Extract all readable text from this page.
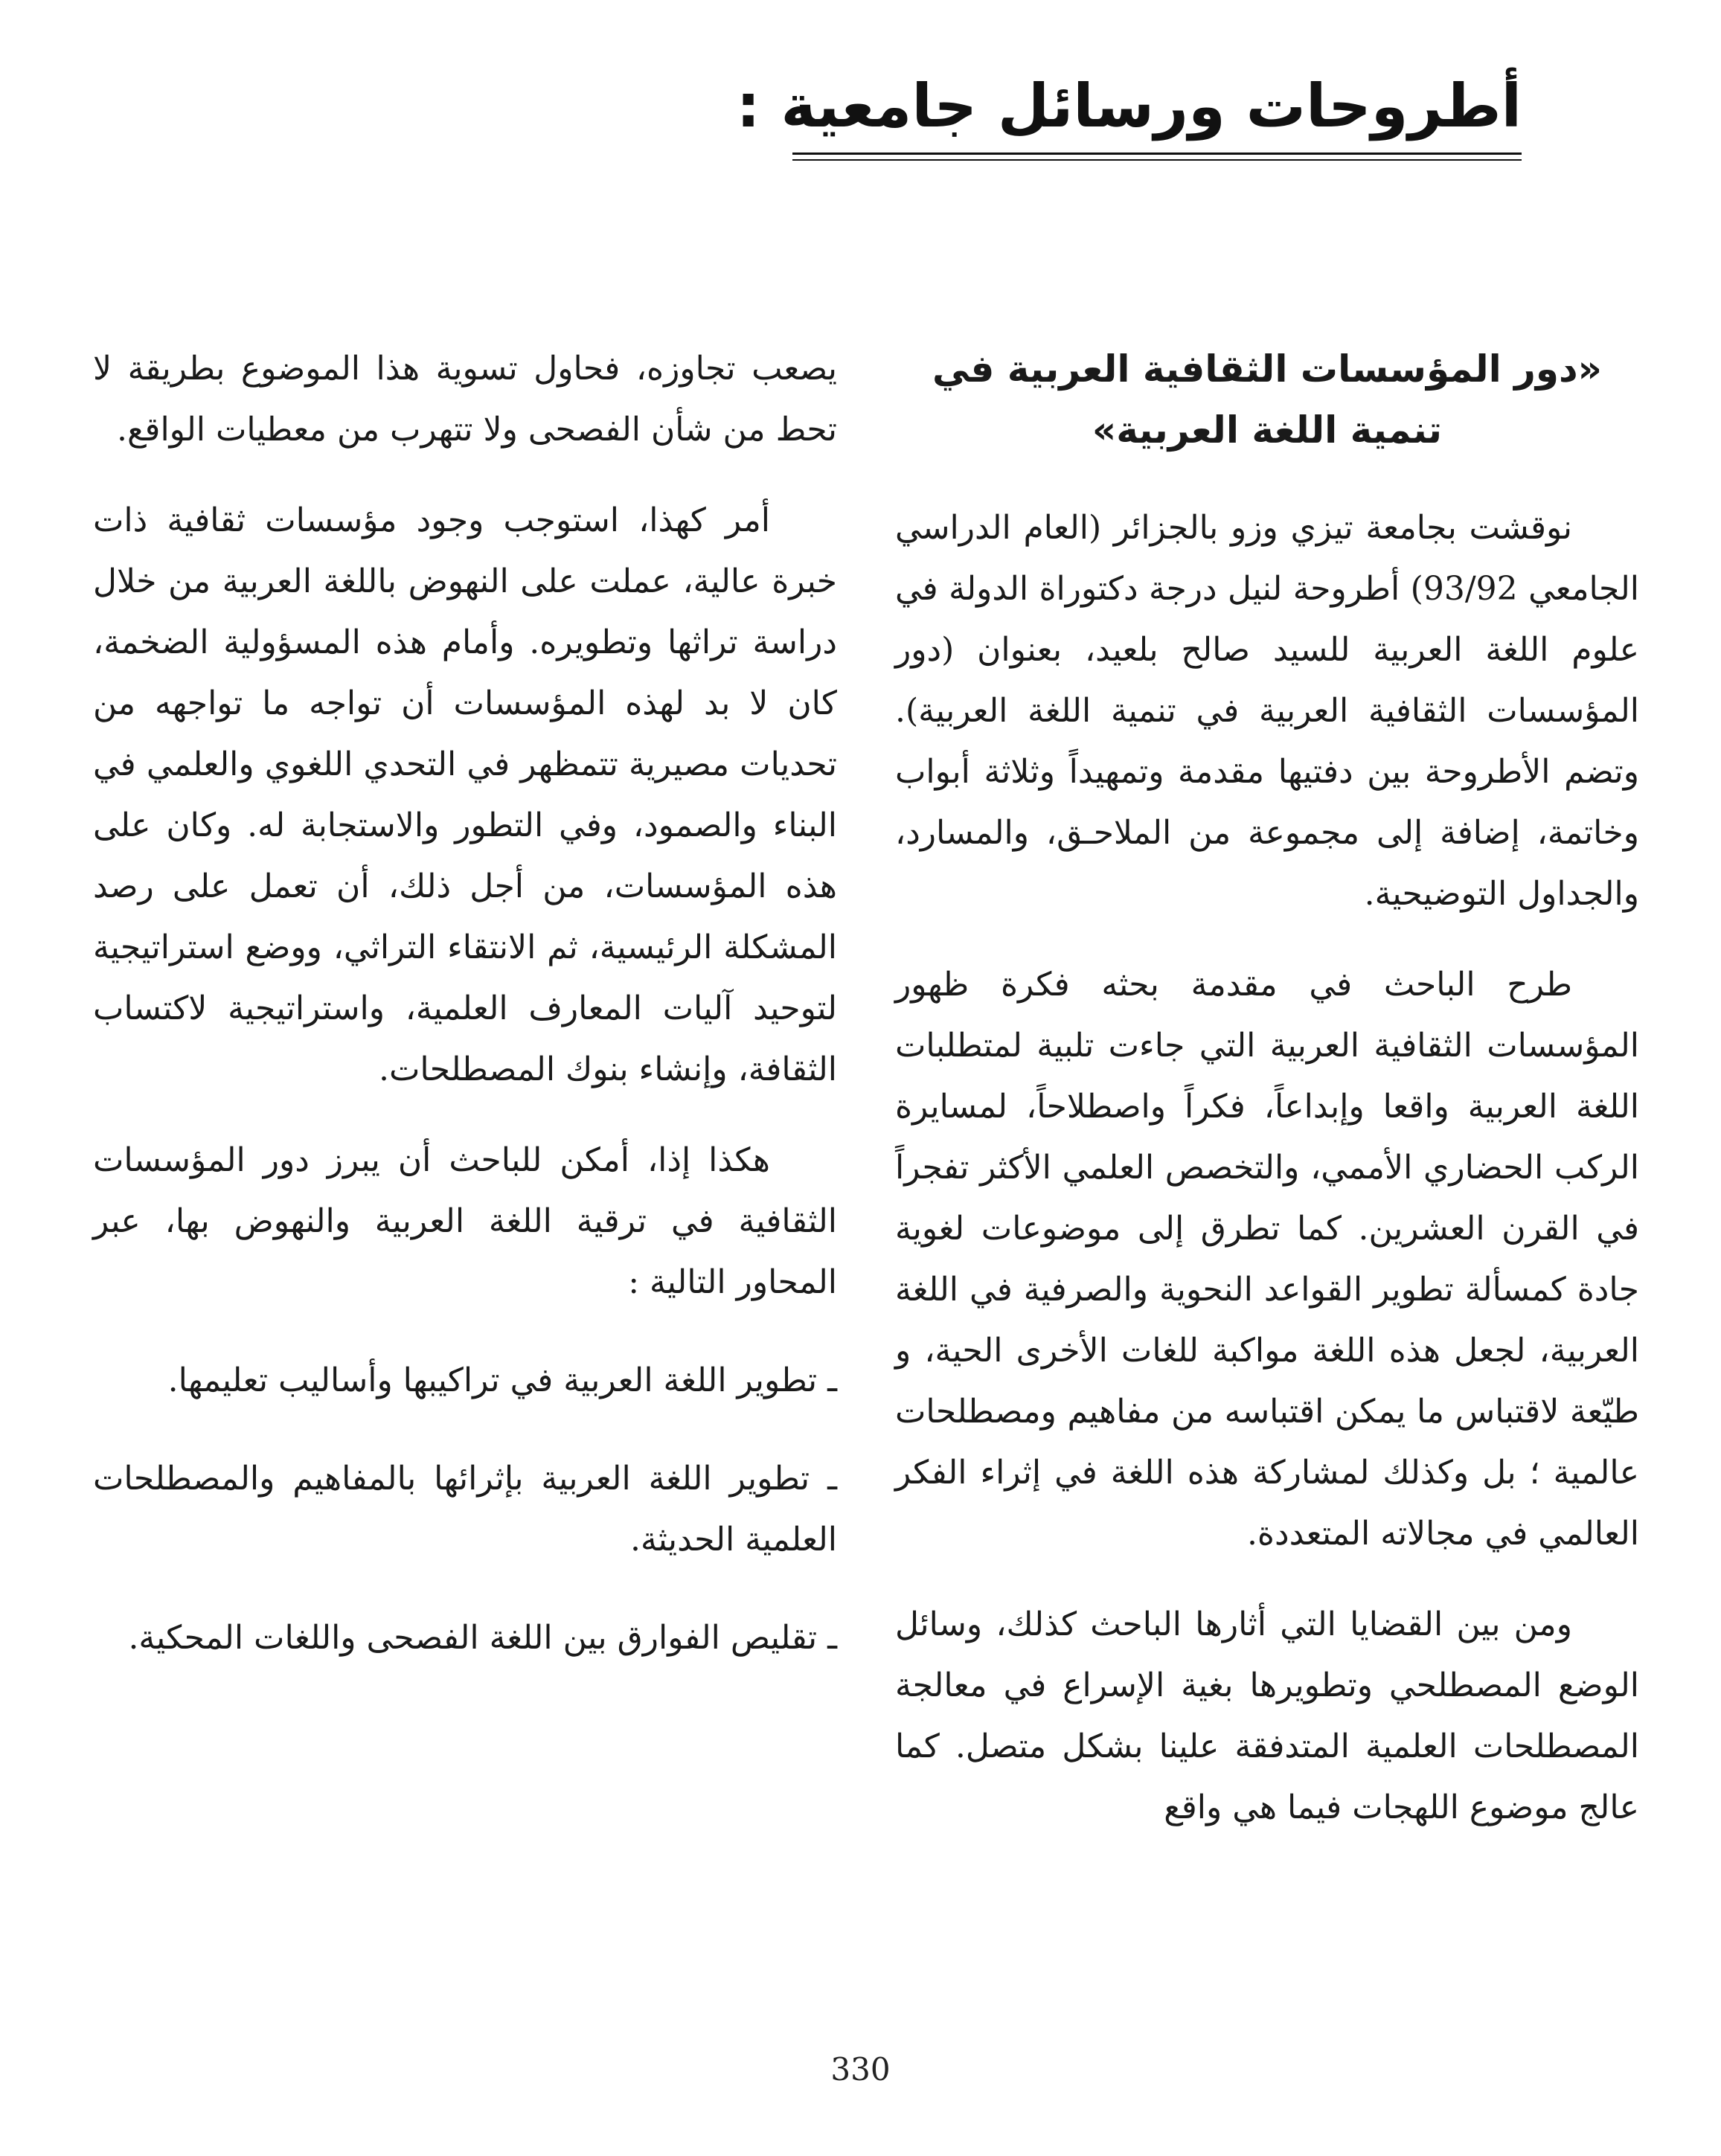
أطروحات ورسائل جامعية :
«دور المؤسسات الثقافية العربية في تنمية اللغة العربية»

نوقشت بجامعة تيزي وزو بالجزائر (العام الدراسي الجامعي 93/92) أطروحة لنيل درجة دكتوراة الدولة في علوم اللغة العربية للسيد صالح بلعيد، بعنوان (دور المؤسسات الثقافية العربية في تنمية اللغة العربية). وتضم الأطروحة بين دفتيها مقدمة وتمهيداً وثلاثة أبواب وخاتمة، إضافة إلى مجموعة من الملاحـق، والمسارد، والجداول التوضيحية.

طرح الباحث في مقدمة بحثه فكرة ظهور المؤسسات الثقافية العربية التي جاءت تلبية لمتطلبات اللغة العربية واقعا وإبداعاً، فكراً واصطلاحاً، لمسايرة الركب الحضاري الأممي، والتخصص العلمي الأكثر تفجراً في القرن العشرين. كما تطرق إلى موضوعات لغوية جادة كمسألة تطوير القواعد النحوية والصرفية في اللغة العربية، لجعل هذه اللغة مواكبة للغات الأخرى الحية، و طيّعة لاقتباس ما يمكن اقتباسه من مفاهيم ومصطلحات عالمية ؛ بل وكذلك لمشاركة هذه اللغة في إثراء الفكر العالمي في مجالاته المتعددة.

ومن بين القضايا التي أثارها الباحث كذلك، وسائل الوضع المصطلحي وتطويرها بغية الإسراع في معالجة المصطلحات العلمية المتدفقة علينا بشكل متصل. كما عالج موضوع اللهجات فيما هي واقع

يصعب تجاوزه، فحاول تسوية هذا الموضوع بطريقة لا تحط من شأن الفصحى ولا تتهرب من معطيات الواقع.

أمر كهذا، استوجب وجود مؤسسات ثقافية ذات خبرة عالية، عملت على النهوض باللغة العربية من خلال دراسة تراثها وتطويره. وأمام هذه المسؤولية الضخمة، كان لا بد لهذه المؤسسات أن تواجه ما تواجهه من تحديات مصيرية تتمظهر في التحدي اللغوي والعلمي في البناء والصمود، وفي التطور والاستجابة له. وكان على هذه المؤسسات، من أجل ذلك، أن تعمل على رصد المشكلة الرئيسية، ثم الانتقاء التراثي، ووضع استراتيجية لتوحيد آليات المعارف العلمية، واستراتيجية لاكتساب الثقافة، وإنشاء بنوك المصطلحات.

هكذا إذا، أمكن للباحث أن يبرز دور المؤسسات الثقافية في ترقية اللغة العربية والنهوض بها، عبر المحاور التالية :

ـ تطوير اللغة العربية في تراكيبها وأساليب تعليمها.

ـ تطوير اللغة العربية بإثرائها بالمفاهيم والمصطلحات العلمية الحديثة.

ـ تقليص الفوارق بين اللغة الفصحى واللغات المحكية.

330
